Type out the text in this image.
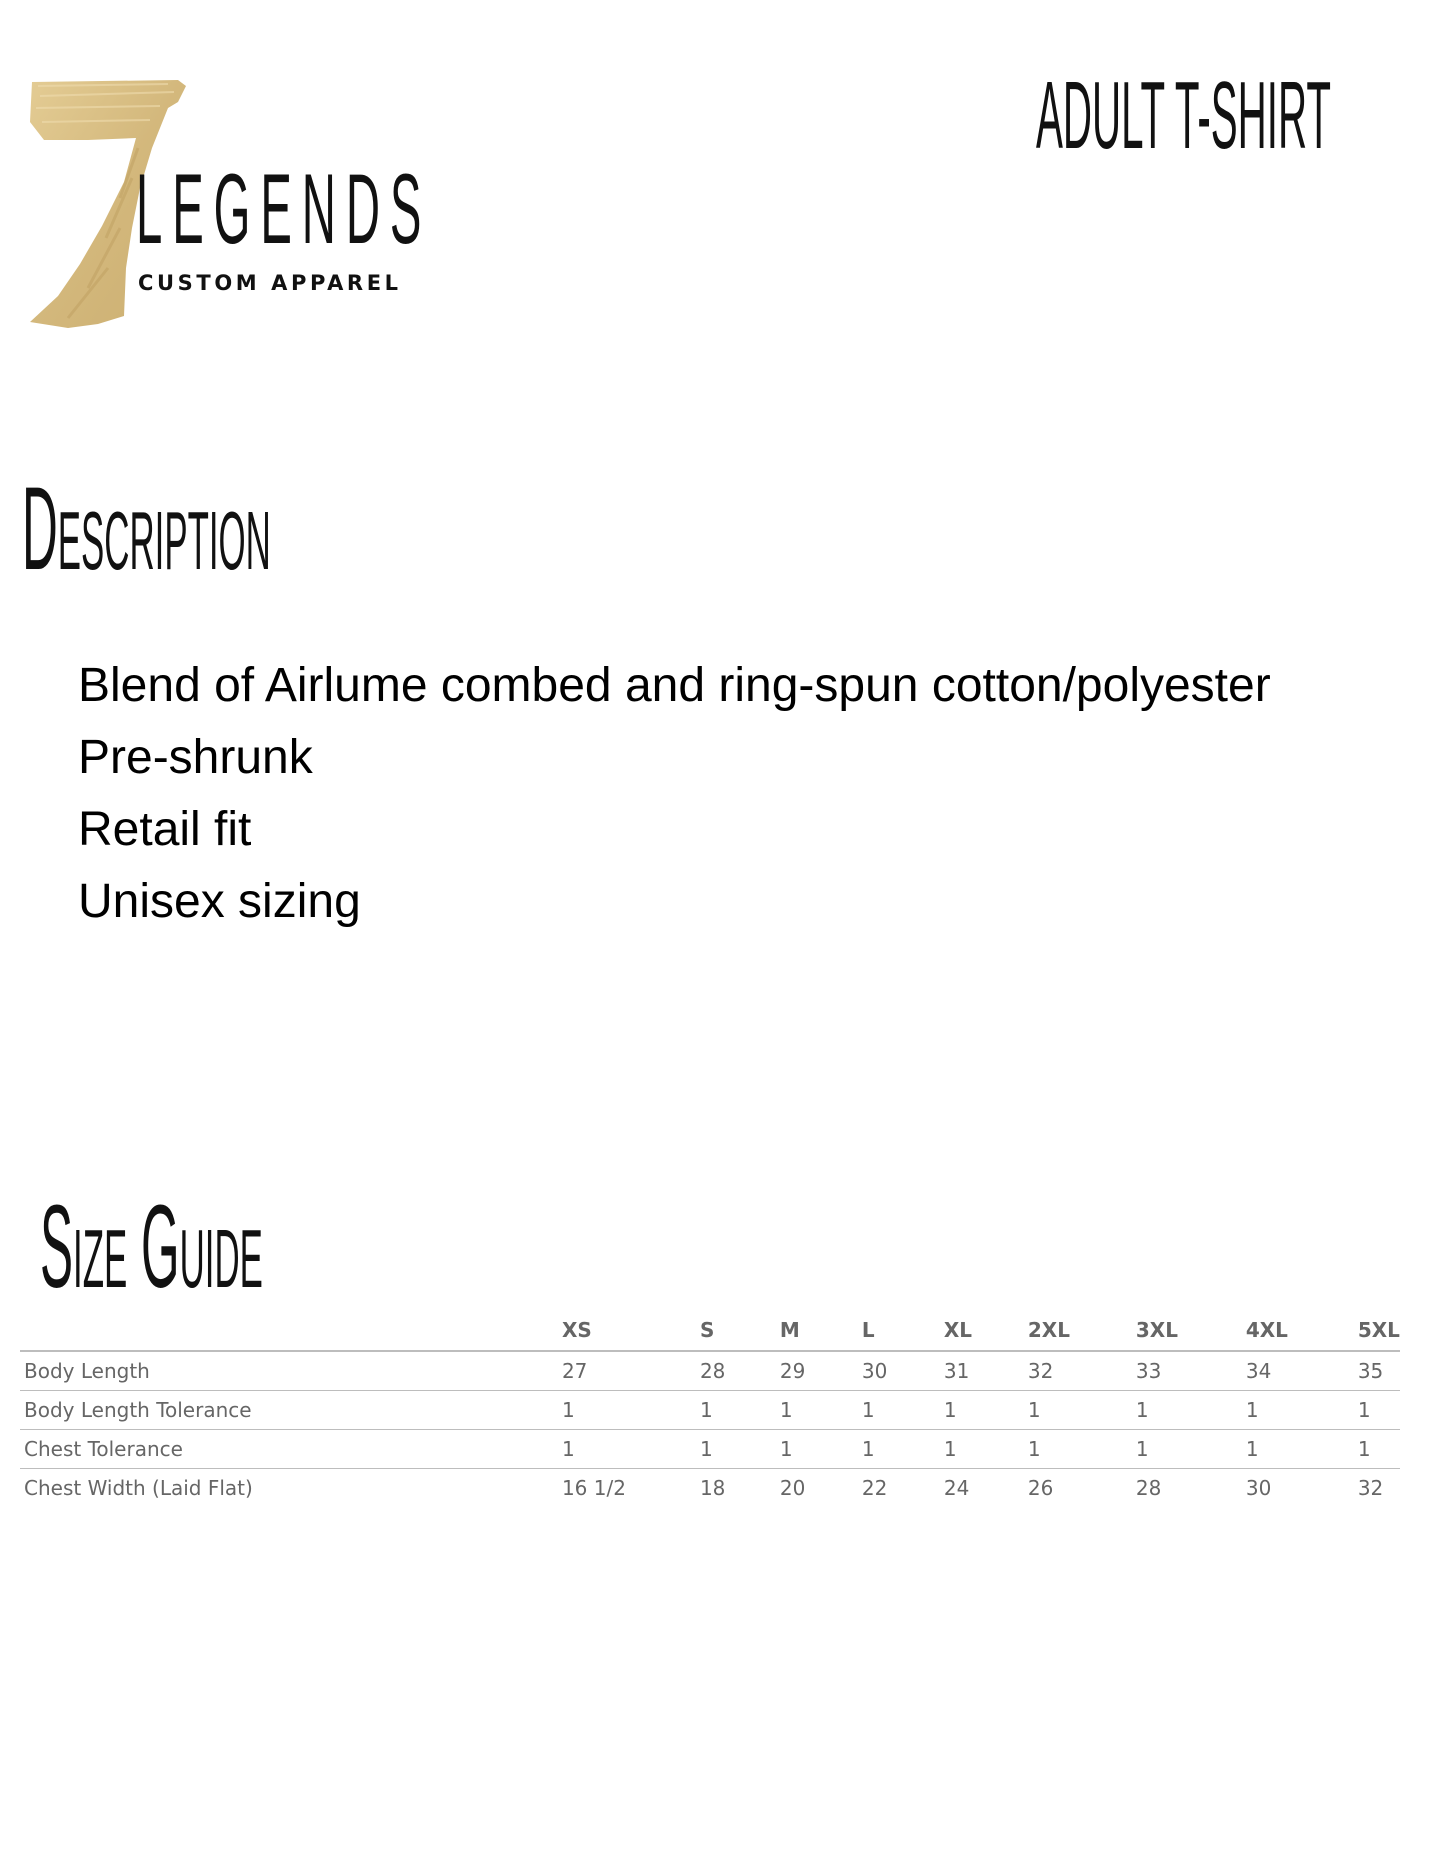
LEGENDS
CUSTOM APPAREL
ADULT T-SHIRT
Description
Blend of Airlume combed and ring-spun cotton/polyester
Pre-shrunk
Retail fit
Unisex sizing
Size Guide
	XS	S	M	L	XL	2XL	3XL	4XL	5XL
Body Length	27	28	29	30	31	32	33	34	35
Body Length Tolerance	1	1	1	1	1	1	1	1	1
Chest Tolerance	1	1	1	1	1	1	1	1	1
Chest Width (Laid Flat)	16 1/2	18	20	22	24	26	28	30	32
